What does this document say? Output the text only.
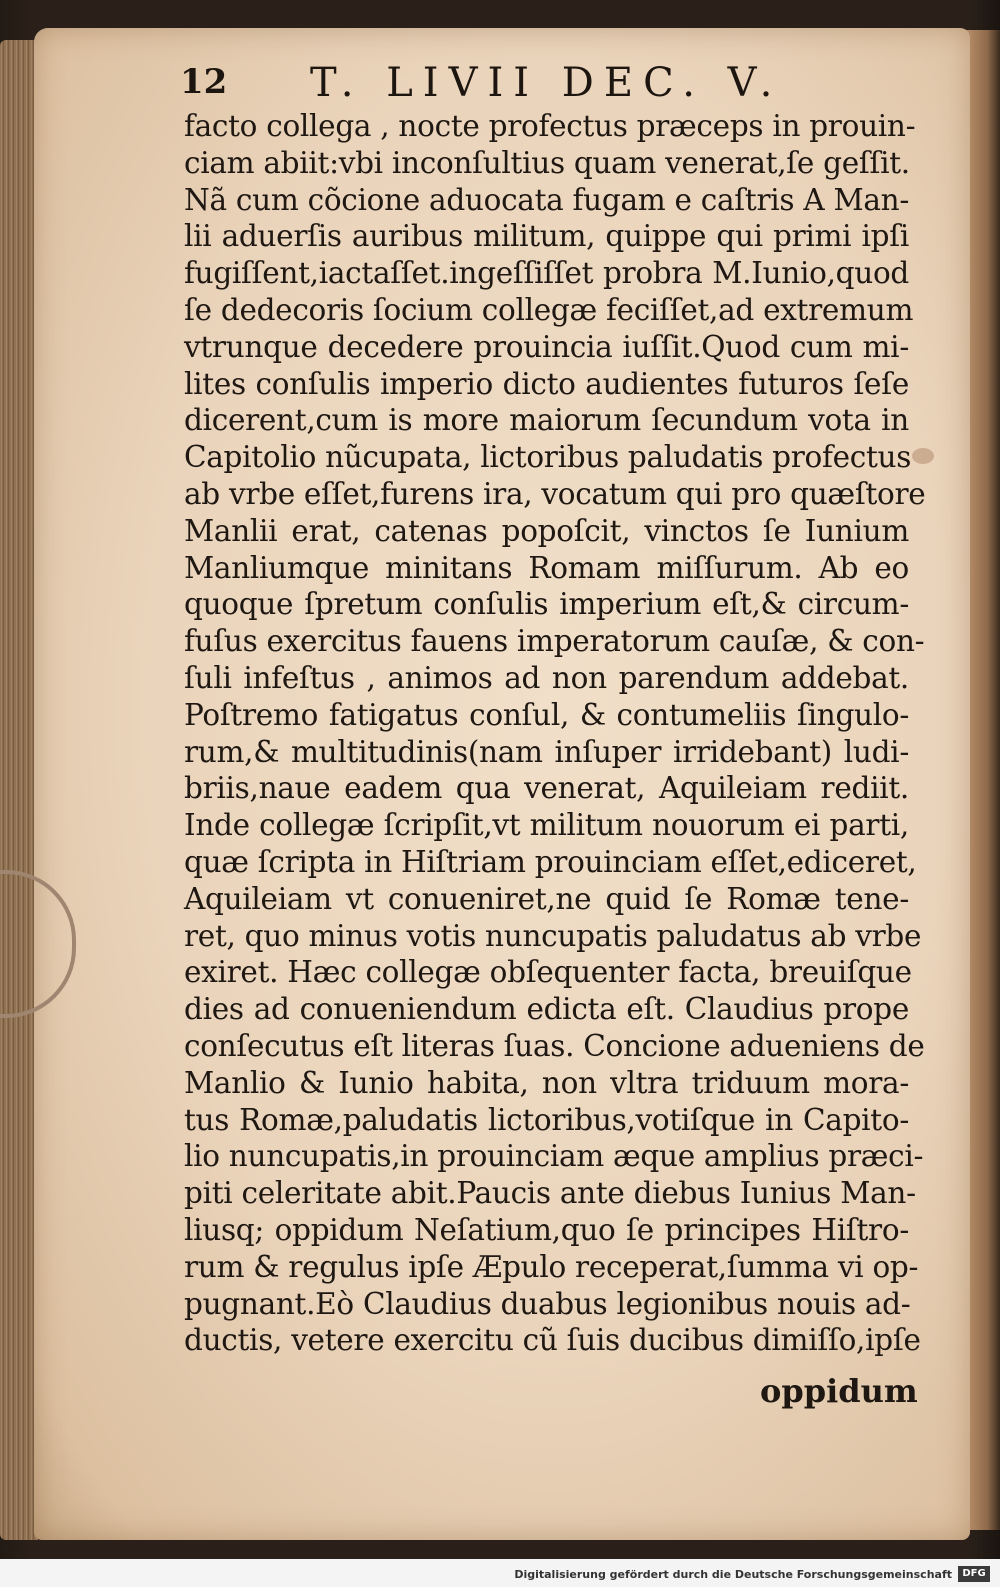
12 T. LIVII DEC. V.
facto collega , nocte profectus præceps in prouin-
ciam abiit:vbi inconſultius quam venerat,ſe geſſit.
Nã cum cõcione aduocata fugam e caſtris A Man-
lii aduerſis auribus militum, quippe qui primi ipſi
fugiſſent,iactaſſet.ingeſſiſſet probra M.Iunio,quod
ſe dedecoris ſocium collegæ feciſſet,ad extremum
vtrunque decedere prouincia iuſſit.Quod cum mi-
lites conſulis imperio dicto audientes futuros ſeſe
dicerent,cum is more maiorum ſecundum vota in
Capitolio nũcupata, lictoribus paludatis profectus
ab vrbe eſſet,furens ira, vocatum qui pro quæſtore
Manlii erat, catenas popoſcit, vinctos ſe Iunium
Manliumque minitans Romam miſſurum. Ab eo
quoque ſpretum conſulis imperium eſt,& circum-
fuſus exercitus fauens imperatorum cauſæ, & con-
ſuli infeſtus , animos ad non parendum addebat.
Poſtremo fatigatus conſul, & contumeliis ſingulo-
rum,& multitudinis(nam inſuper irridebant) ludi-
briis,naue eadem qua venerat, Aquileiam rediit.
Inde collegæ ſcripſit,vt militum nouorum ei parti,
quæ ſcripta in Hiſtriam prouinciam eſſet,ediceret,
Aquileiam vt conueniret,ne quid ſe Romæ tene-
ret, quo minus votis nuncupatis paludatus ab vrbe
exiret. Hæc collegæ obſequenter facta, breuiſque
dies ad conueniendum edicta eſt. Claudius prope
conſecutus eſt literas ſuas. Concione adueniens de
Manlio & Iunio habita, non vltra triduum mora-
tus Romæ,paludatis lictoribus,votiſque in Capito-
lio nuncupatis,in prouinciam æque amplius præci-
piti celeritate abit.Paucis ante diebus Iunius Man-
liusq; oppidum Neſatium,quo ſe principes Hiſtro-
rum & regulus ipſe Æpulo receperat,ſumma vi op-
pugnant.Eò Claudius duabus legionibus nouis ad-
ductis, vetere exercitu cũ ſuis ducibus dimiſſo,ipſe
oppidum
Digitalisierung gefördert durch die Deutsche Forschungsgemeinschaft	DFG
